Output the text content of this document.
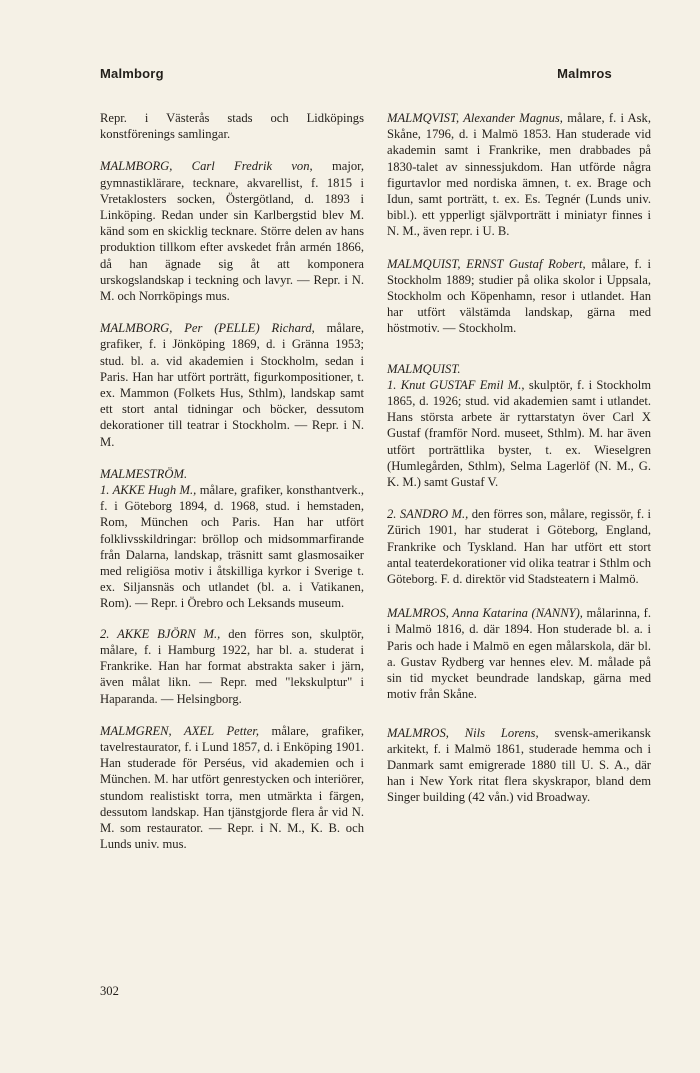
Malmborg	Malmros

Repr. i Västerås stads och Lidköpings konstförenings samlingar.

MALMBORG, Carl Fredrik von, major, gymnastiklärare, tecknare, akvarellist, f. 1815 i Vretaklosters socken, Östergötland, d. 1893 i Linköping. Redan under sin Karlbergstid blev M. känd som en skicklig tecknare. Större delen av hans produktion tillkom efter avskedet från armén 1866, då han ägnade sig åt att komponera urskogslandskap i teckning och lavyr. — Repr. i N. M. och Norrköpings mus.

MALMBORG, Per (PELLE) Richard, målare, grafiker, f. i Jönköping 1869, d. i Gränna 1953; stud. bl. a. vid akademien i Stockholm, sedan i Paris. Han har utfört porträtt, figurkompositioner, t. ex. Mammon (Folkets Hus, Sthlm), landskap samt ett stort antal tidningar och böcker, dessutom dekorationer till teatrar i Stockholm. — Repr. i N. M.

MALMESTRÖM.

1. AKKE Hugh M., målare, grafiker, konsthantverk., f. i Göteborg 1894, d. 1968, stud. i hemstaden, Rom, München och Paris. Han har utfört folklivsskildringar: bröllop och midsommarfirande från Dalarna, landskap, träsnitt samt glasmosaiker med religiösa motiv i åtskilliga kyrkor i Sverige t. ex. Siljansnäs och utlandet (bl. a. i Vatikanen, Rom). — Repr. i Örebro och Leksands museum.

2. AKKE BJÖRN M., den förres son, skulptör, målare, f. i Hamburg 1922, har bl. a. studerat i Frankrike. Han har format abstrakta saker i järn, även målat likn. — Repr. med "lekskulptur" i Haparanda. — Helsingborg.

MALMGREN, AXEL Petter, målare, grafiker, tavelrestaurator, f. i Lund 1857, d. i Enköping 1901. Han studerade för Perséus, vid akademien och i München. M. har utfört genrestycken och interiörer, stundom realistiskt torra, men utmärkta i färgen, dessutom landskap. Han tjänstgjorde flera år vid N. M. som restaurator. — Repr. i N. M., K. B. och Lunds univ. mus.

MALMQVIST, Alexander Magnus, målare, f. i Ask, Skåne, 1796, d. i Malmö 1853. Han studerade vid akademin samt i Frankrike, men drabbades på 1830-talet av sinnessjukdom. Han utförde några figurtavlor med nordiska ämnen, t. ex. Brage och Idun, samt porträtt, t. ex. Es. Tegnér (Lunds univ. bibl.). ett ypperligt självporträtt i miniatyr finnes i N. M., även repr. i U. B.

MALMQUIST, ERNST Gustaf Robert, målare, f. i Stockholm 1889; studier på olika skolor i Uppsala, Stockholm och Köpenhamn, resor i utlandet. Han har utfört välstämda landskap, gärna med höstmotiv. — Stockholm.

MALMQUIST.

1. Knut GUSTAF Emil M., skulptör, f. i Stockholm 1865, d. 1926; stud. vid akademien samt i utlandet. Hans största arbete är ryttarstatyn över Carl X Gustaf (framför Nord. museet, Sthlm). M. har även utfört porträttlika byster, t. ex. Wieselgren (Humlegården, Sthlm), Selma Lagerlöf (N. M., G. K. M.) samt Gustaf V.

2. SANDRO M., den förres son, målare, regissör, f. i Zürich 1901, har studerat i Göteborg, England, Frankrike och Tyskland. Han har utfört ett stort antal teaterdekorationer vid olika teatrar i Sthlm och Göteborg. F. d. direktör vid Stadsteatern i Malmö.

MALMROS, Anna Katarina (NANNY), målarinna, f. i Malmö 1816, d. där 1894. Hon studerade bl. a. i Paris och hade i Malmö en egen målarskola, där bl. a. Gustav Rydberg var hennes elev. M. målade på sin tid mycket beundrade landskap, gärna med motiv från Skåne.

MALMROS, Nils Lorens, svensk-amerikansk arkitekt, f. i Malmö 1861, studerade hemma och i Danmark samt emigrerade 1880 till U. S. A., där han i New York ritat flera skyskrapor, bland dem Singer building (42 vån.) vid Broadway.

302
